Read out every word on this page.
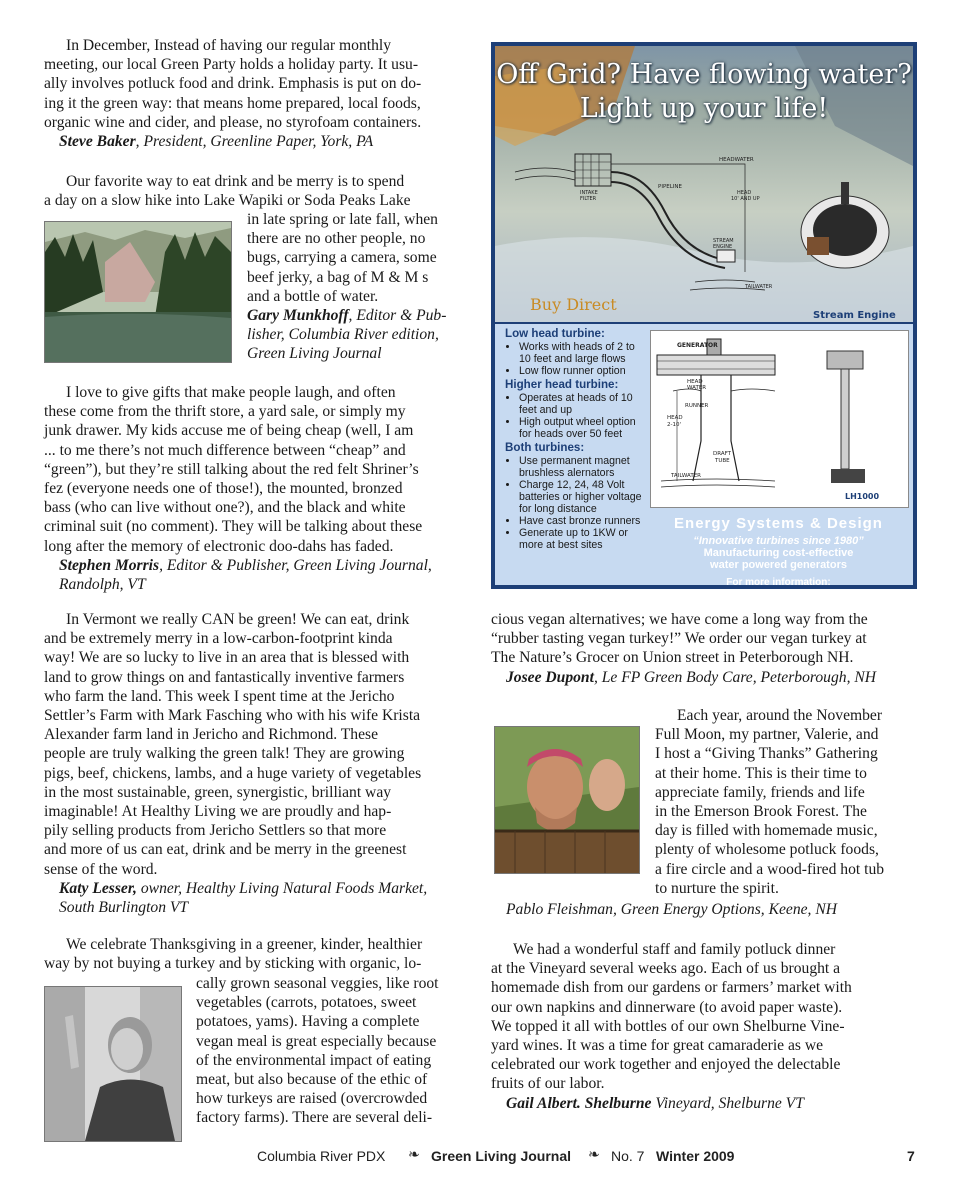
In December, Instead of having our regular monthly
meeting, our local Green Party holds a holiday party. It usu-
ally involves potluck food and drink. Emphasis is put on do-
ing it the green way: that means home prepared, local foods,
organic wine and cider, and please, no styrofoam containers.

Steve Baker, President, Greenline Paper, York, PA

Our favorite way to eat drink and be merry is to spend
a day on a slow hike into Lake Wapiki or Soda Peaks Lake

in late spring or late fall, when
there are no other people, no
bugs, carrying a camera, some
beef jerky, a bag of M & M s
and a bottle of water.

Gary Munkhoff, Editor & Pub-
lisher, Columbia River edition,
Green Living Journal

I love to give gifts that make people laugh, and often
these come from the thrift store, a yard sale, or simply my
junk drawer. My kids accuse me of being cheap (well, I am
... to me there’s not much difference between “cheap” and
“green”), but they’re still talking about the red felt Shriner’s
fez (everyone needs one of those!), the mounted, bronzed
bass (who can live without one?), and the black and white
criminal suit (no comment). They will be talking about these
long after the memory of electronic doo-dahs has faded.

Stephen Morris, Editor & Publisher, Green Living Journal,
Randolph, VT

In Vermont we really CAN be green! We can eat, drink
and be extremely merry in a low-carbon-footprint kinda
way! We are so lucky to live in an area that is blessed with
land to grow things on and fantastically inventive farmers
who farm the land. This week I spent time at the Jericho
Settler’s Farm with Mark Fasching who with his wife Krista
Alexander farm land in Jericho and Richmond. These
people are truly walking the green talk! They are growing
pigs, beef, chickens, lambs, and a huge variety of vegetables
in the most sustainable, green, synergistic, brilliant way
imaginable! At Healthy Living we are proudly and hap-
pily selling products from Jericho Settlers so that more
and more of us can eat, drink and be merry in the greenest
sense of the word.

Katy Lesser, owner, Healthy Living Natural Foods Market,
South Burlington VT

We celebrate Thanksgiving in a greener, kinder, healthier
way by not buying a turkey and by sticking with organic, lo-

cally grown seasonal veggies, like root
vegetables (carrots, potatoes, sweet
potatoes, yams). Having a complete
vegan meal is great especially because
of the environmental impact of eating
meat, but also because of the ethic of
how turkeys are raised (overcrowded
factory farms). There are several deli-

Off Grid? Have flowing water?
Light up your life!
HEADWATER
PIPELINE
INTAKE
FILTER
HEAD
10' AND UP
STREAM
ENGINE
TAILWATER
Buy Direct
Stream Engine
Low head turbine:
• Works with heads of 2 to 10 feet and large flows
• Low flow runner option
Higher head turbine:
• Operates at heads of 10 feet and up
• High output wheel option for heads over 50 feet
Both turbines:
• Use permanent magnet brushless alernators
• Charge 12, 24, 48 Volt batteries or higher voltage for long distance
• Have cast bronze runners
• Generate up to 1KW or more at best sites
GENERATOR
HEAD
WATER
RUNNER
HEAD
2-10'
DRAFT
TUBE
TAILWATER
LH1000
Energy Systems & Design
“Innovative turbines since 1980”
Manufacturing cost-effective
water powered generators
For more information:

cious vegan alternatives; we have come a long way from the
“rubber tasting vegan turkey!” We order our vegan turkey at
The Nature’s Grocer on Union street in Peterborough NH.

Josee Dupont, Le FP Green Body Care, Peterborough, NH

Each year, around the November
Full Moon, my partner, Valerie, and
I host a “Giving Thanks” Gathering
at their home. This is their time to
appreciate family, friends and life
in the Emerson Brook Forest. The
day is filled with homemade music,
plenty of wholesome potluck foods,
a fire circle and a wood-fired hot tub
to nurture the spirit.

Pablo Fleishman, Green Energy Options, Keene, NH

We had a wonderful staff and family potluck dinner
at the Vineyard several weeks ago. Each of us brought a
homemade dish from our gardens or farmers’ market with
our own napkins and dinnerware (to avoid paper waste).
We topped it all with bottles of our own Shelburne Vine-
yard wines. It was a time for great camaraderie as we
celebrated our work together and enjoyed the delectable
fruits of our labor.

Gail Albert. Shelburne Vineyard, Shelburne VT

Columbia River PDX ❧ Green Living Journal ❧ No. 7 Winter 2009	7
